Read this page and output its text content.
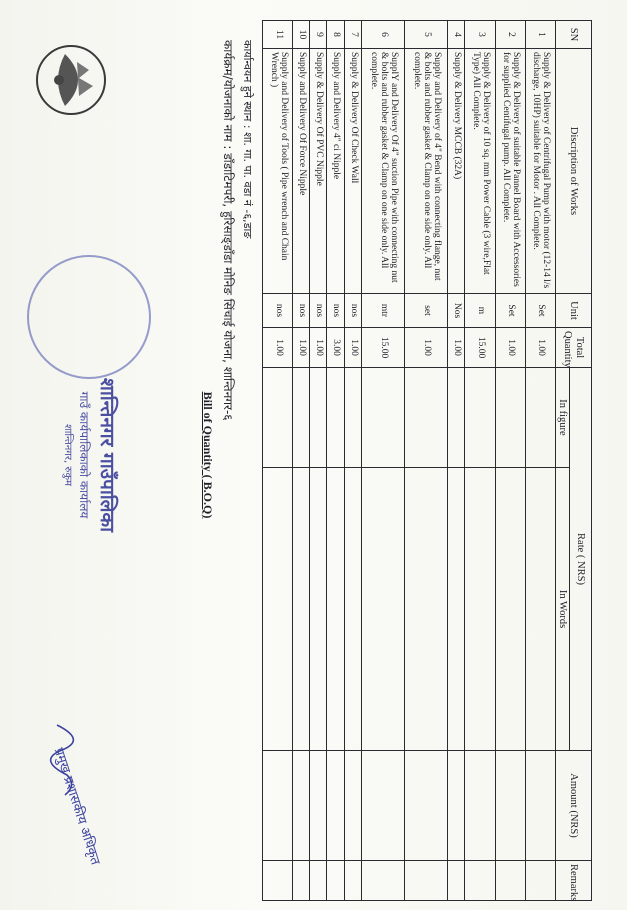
शान्तिनगर गाउँपालिका
गाउँ कार्यपालिकाको कार्यालय
शान्तिनगर, रुकुम	Bill of Quantity ( B.O.Q)
कार्यक्रम/योजनाको नाम : डाँडाटिमपरी, हुरिसाङ्डाँडा मोनिङ सिंचाई योजना, शान्तिनगर-६ कार्यान्वयन हुने स्थान : शा. गा. पा. वडा नं -६,डाङ
प्रमुख प्रशासकीय अधिकृत
SN	Discription of Works	Unit	Total Quantity	Rate ( NRS)		Amount (NRS)	Remarks
				In figure	In Words		
1	Supply & Delivery of Centrifugal Pump with motor (12-14 l/s discharge, 10HP) suitable for Motor . All Complete.	Set	1.00				
2	Supply & Delivery of suitable Pannel Board with Accessories for supplied Centifugal pump. All Complete.	Set	1.00				
3	Supply & Delivery of 10 sq. mm Power Cable (3 wire,Flat Type) All Complete.	m	15.00				
4	Supply & Delivery MCCB (32A)	Nos	1.00				
5	Supply and Delivery of 4" Bend with connecting flange, nut & bolts and rubber gasket & Clamp on one side only. All complete.	set	1.00				
6	SupplY and Delivery Of 4" suction Pipe with connecting nut & bolts and rubber gasket & Clamp on one side only. All complete.	mtr	15.00				
7	Supply & Delivery Of Check Wall	nos	1.00				
8	Supply and Delivery 4" ci Nipple	nos	3.00				
9	Supply & Delivery Of PVC Nipple	nos	1.00				
10	Supply and Delivery Of Force Nipple	nos	1.00				
11	Supply and Delivery of Tools ( Pipe wrench and Chain Wrench )	nos	1.00				
